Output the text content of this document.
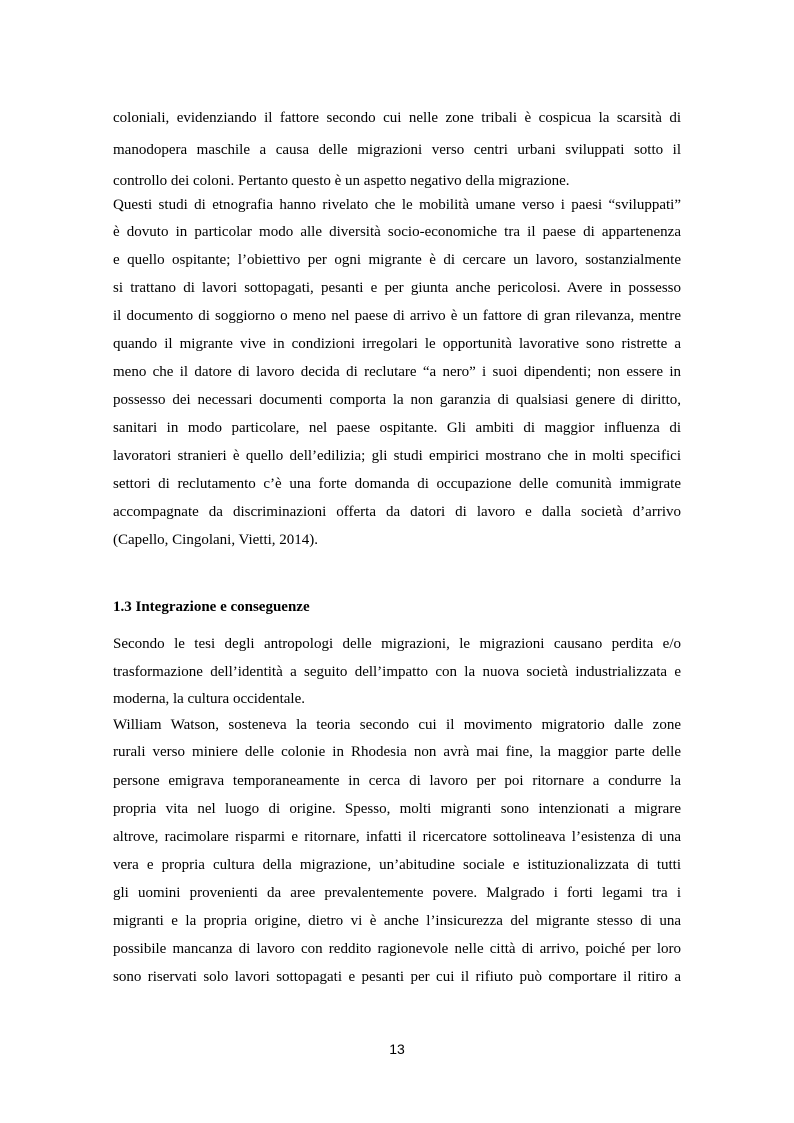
coloniali, evidenziando il fattore secondo cui nelle zone tribali è cospicua la scarsità di
manodopera maschile a causa delle migrazioni verso centri urbani sviluppati sotto il
controllo dei coloni. Pertanto questo è un aspetto negativo della migrazione.
Questi studi di etnografia hanno rivelato che le mobilità umane verso i paesi “sviluppati”
è dovuto in particolar modo alle diversità socio-economiche tra il paese di appartenenza
e quello ospitante; l’obiettivo per ogni migrante è di cercare un lavoro, sostanzialmente
si trattano di lavori sottopagati, pesanti e per giunta anche pericolosi. Avere in possesso
il documento di soggiorno o meno nel paese di arrivo è un fattore di gran rilevanza, mentre
quando il migrante vive in condizioni irregolari le opportunità lavorative sono ristrette a
meno che il datore di lavoro decida di reclutare “a nero” i suoi dipendenti; non essere in
possesso dei necessari documenti comporta la non garanzia di qualsiasi genere di diritto,
sanitari in modo particolare, nel paese ospitante. Gli ambiti di maggior influenza di
lavoratori stranieri è quello dell’edilizia; gli studi empirici mostrano che in molti specifici
settori di reclutamento c’è una forte domanda di occupazione delle comunità immigrate
accompagnate da discriminazioni offerta da datori di lavoro e dalla società d’arrivo
(Capello, Cingolani, Vietti, 2014).
1.3 Integrazione e conseguenze
Secondo le tesi degli antropologi delle migrazioni, le migrazioni causano perdita e/o
trasformazione dell’identità a seguito dell’impatto con la nuova società industrializzata e
moderna, la cultura occidentale.
William Watson, sosteneva la teoria secondo cui il movimento migratorio dalle zone
rurali verso miniere delle colonie in Rhodesia non avrà mai fine, la maggior parte delle
persone emigrava temporaneamente in cerca di lavoro per poi ritornare a condurre la
propria vita nel luogo di origine. Spesso, molti migranti sono intenzionati a migrare
altrove, racimolare risparmi e ritornare, infatti il ricercatore sottolineava l’esistenza di una
vera e propria cultura della migrazione, un’abitudine sociale e istituzionalizzata di tutti
gli uomini provenienti da aree prevalentemente povere. Malgrado i forti legami tra i
migranti e la propria origine, dietro vi è anche l’insicurezza del migrante stesso di una
possibile mancanza di lavoro con reddito ragionevole nelle città di arrivo, poiché per loro
sono riservati solo lavori sottopagati e pesanti per cui il rifiuto può comportare il ritiro a
13
